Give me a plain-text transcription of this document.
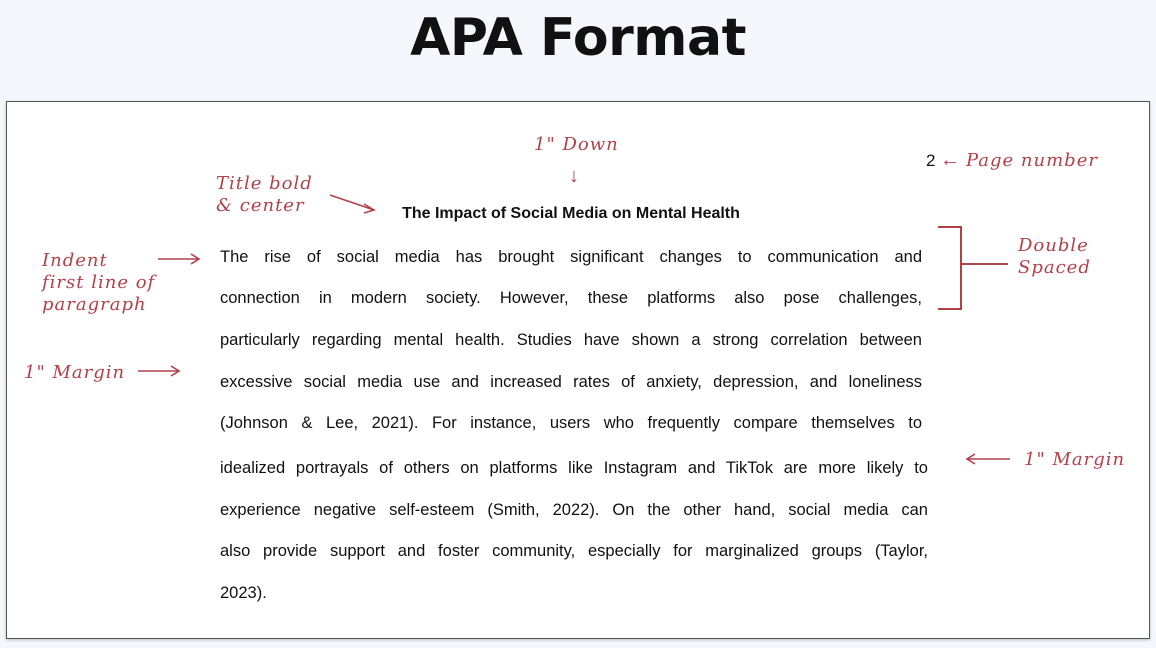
APA Format
1" Down
↓
2 ← Page number
Title bold
& center
Indent
first line of
paragraph
1" Margin
Double
Spaced
1" Margin
The Impact of Social Media on Mental Health
The rise of social media has brought significant changes to communication and
connection in modern society. However, these platforms also pose challenges,
particularly regarding mental health. Studies have shown a strong correlation between
excessive social media use and increased rates of anxiety, depression, and loneliness
(Johnson & Lee, 2021). For instance, users who frequently compare themselves to
idealized portrayals of others on platforms like Instagram and TikTok are more likely to
experience negative self-esteem (Smith, 2022). On the other hand, social media can
also provide support and foster community, especially for marginalized groups (Taylor,
2023).
